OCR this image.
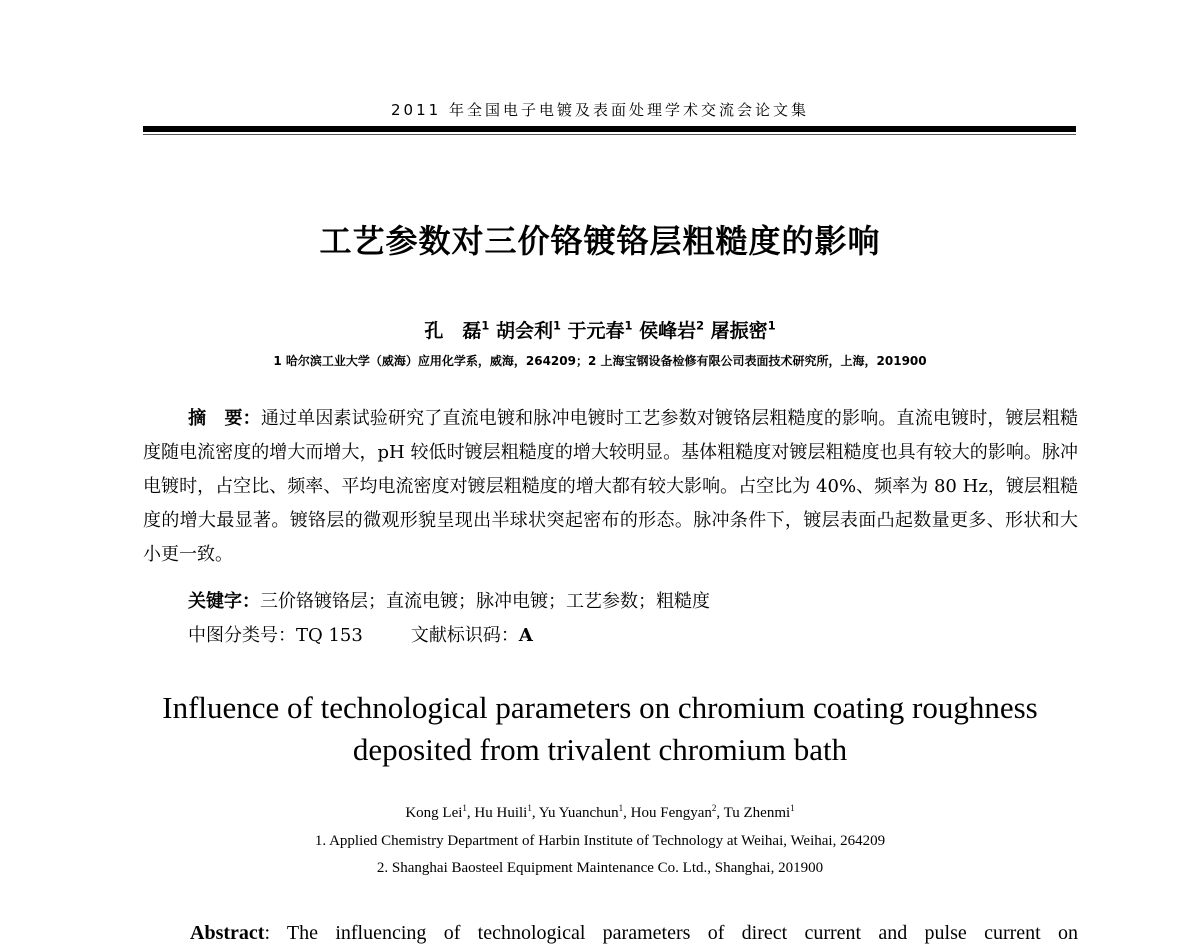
2011 年全国电子电镀及表面处理学术交流会论文集
工艺参数对三价铬镀铬层粗糙度的影响
孔　磊$^1$ 胡会利$^1$ 于元春$^1$ 侯峰岩$^2$ 屠振密$^1$
1 哈尔滨工业大学（威海）应用化学系，威海，264209；2 上海宝钢设备检修有限公司表面技术研究所，上海，201900
摘　要：通过单因素试验研究了直流电镀和脉冲电镀时工艺参数对镀铬层粗糙度的影响。直流电镀时，镀层粗糙度随电流密度的增大而增大，pH 较低时镀层粗糙度的增大较明显。基体粗糙度对镀层粗糙度也具有较大的影响。脉冲电镀时，占空比、频率、平均电流密度对镀层粗糙度的增大都有较大影响。占空比为 40%、频率为 80 Hz，镀层粗糙度的增大最显著。镀铬层的微观形貌呈现出半球状突起密布的形态。脉冲条件下，镀层表面凸起数量更多、形状和大小更一致。
关键字：三价铬镀铬层；直流电镀；脉冲电镀；工艺参数；粗糙度
中图分类号：TQ 153	文献标识码：A
Influence of technological parameters on chromium coating roughness
deposited from trivalent chromium bath
Kong Lei$^1$, Hu Huili$^1$, Yu Yuanchun$^1$, Hou Fengyan$^2$, Tu Zhenmi$^1$
1. Applied Chemistry Department of Harbin Institute of Technology at Weihai, Weihai, 264209
2. Shanghai Baosteel Equipment Maintenance Co. Ltd., Shanghai, 201900
Abstract: The influencing of technological parameters of direct current and pulse current on
